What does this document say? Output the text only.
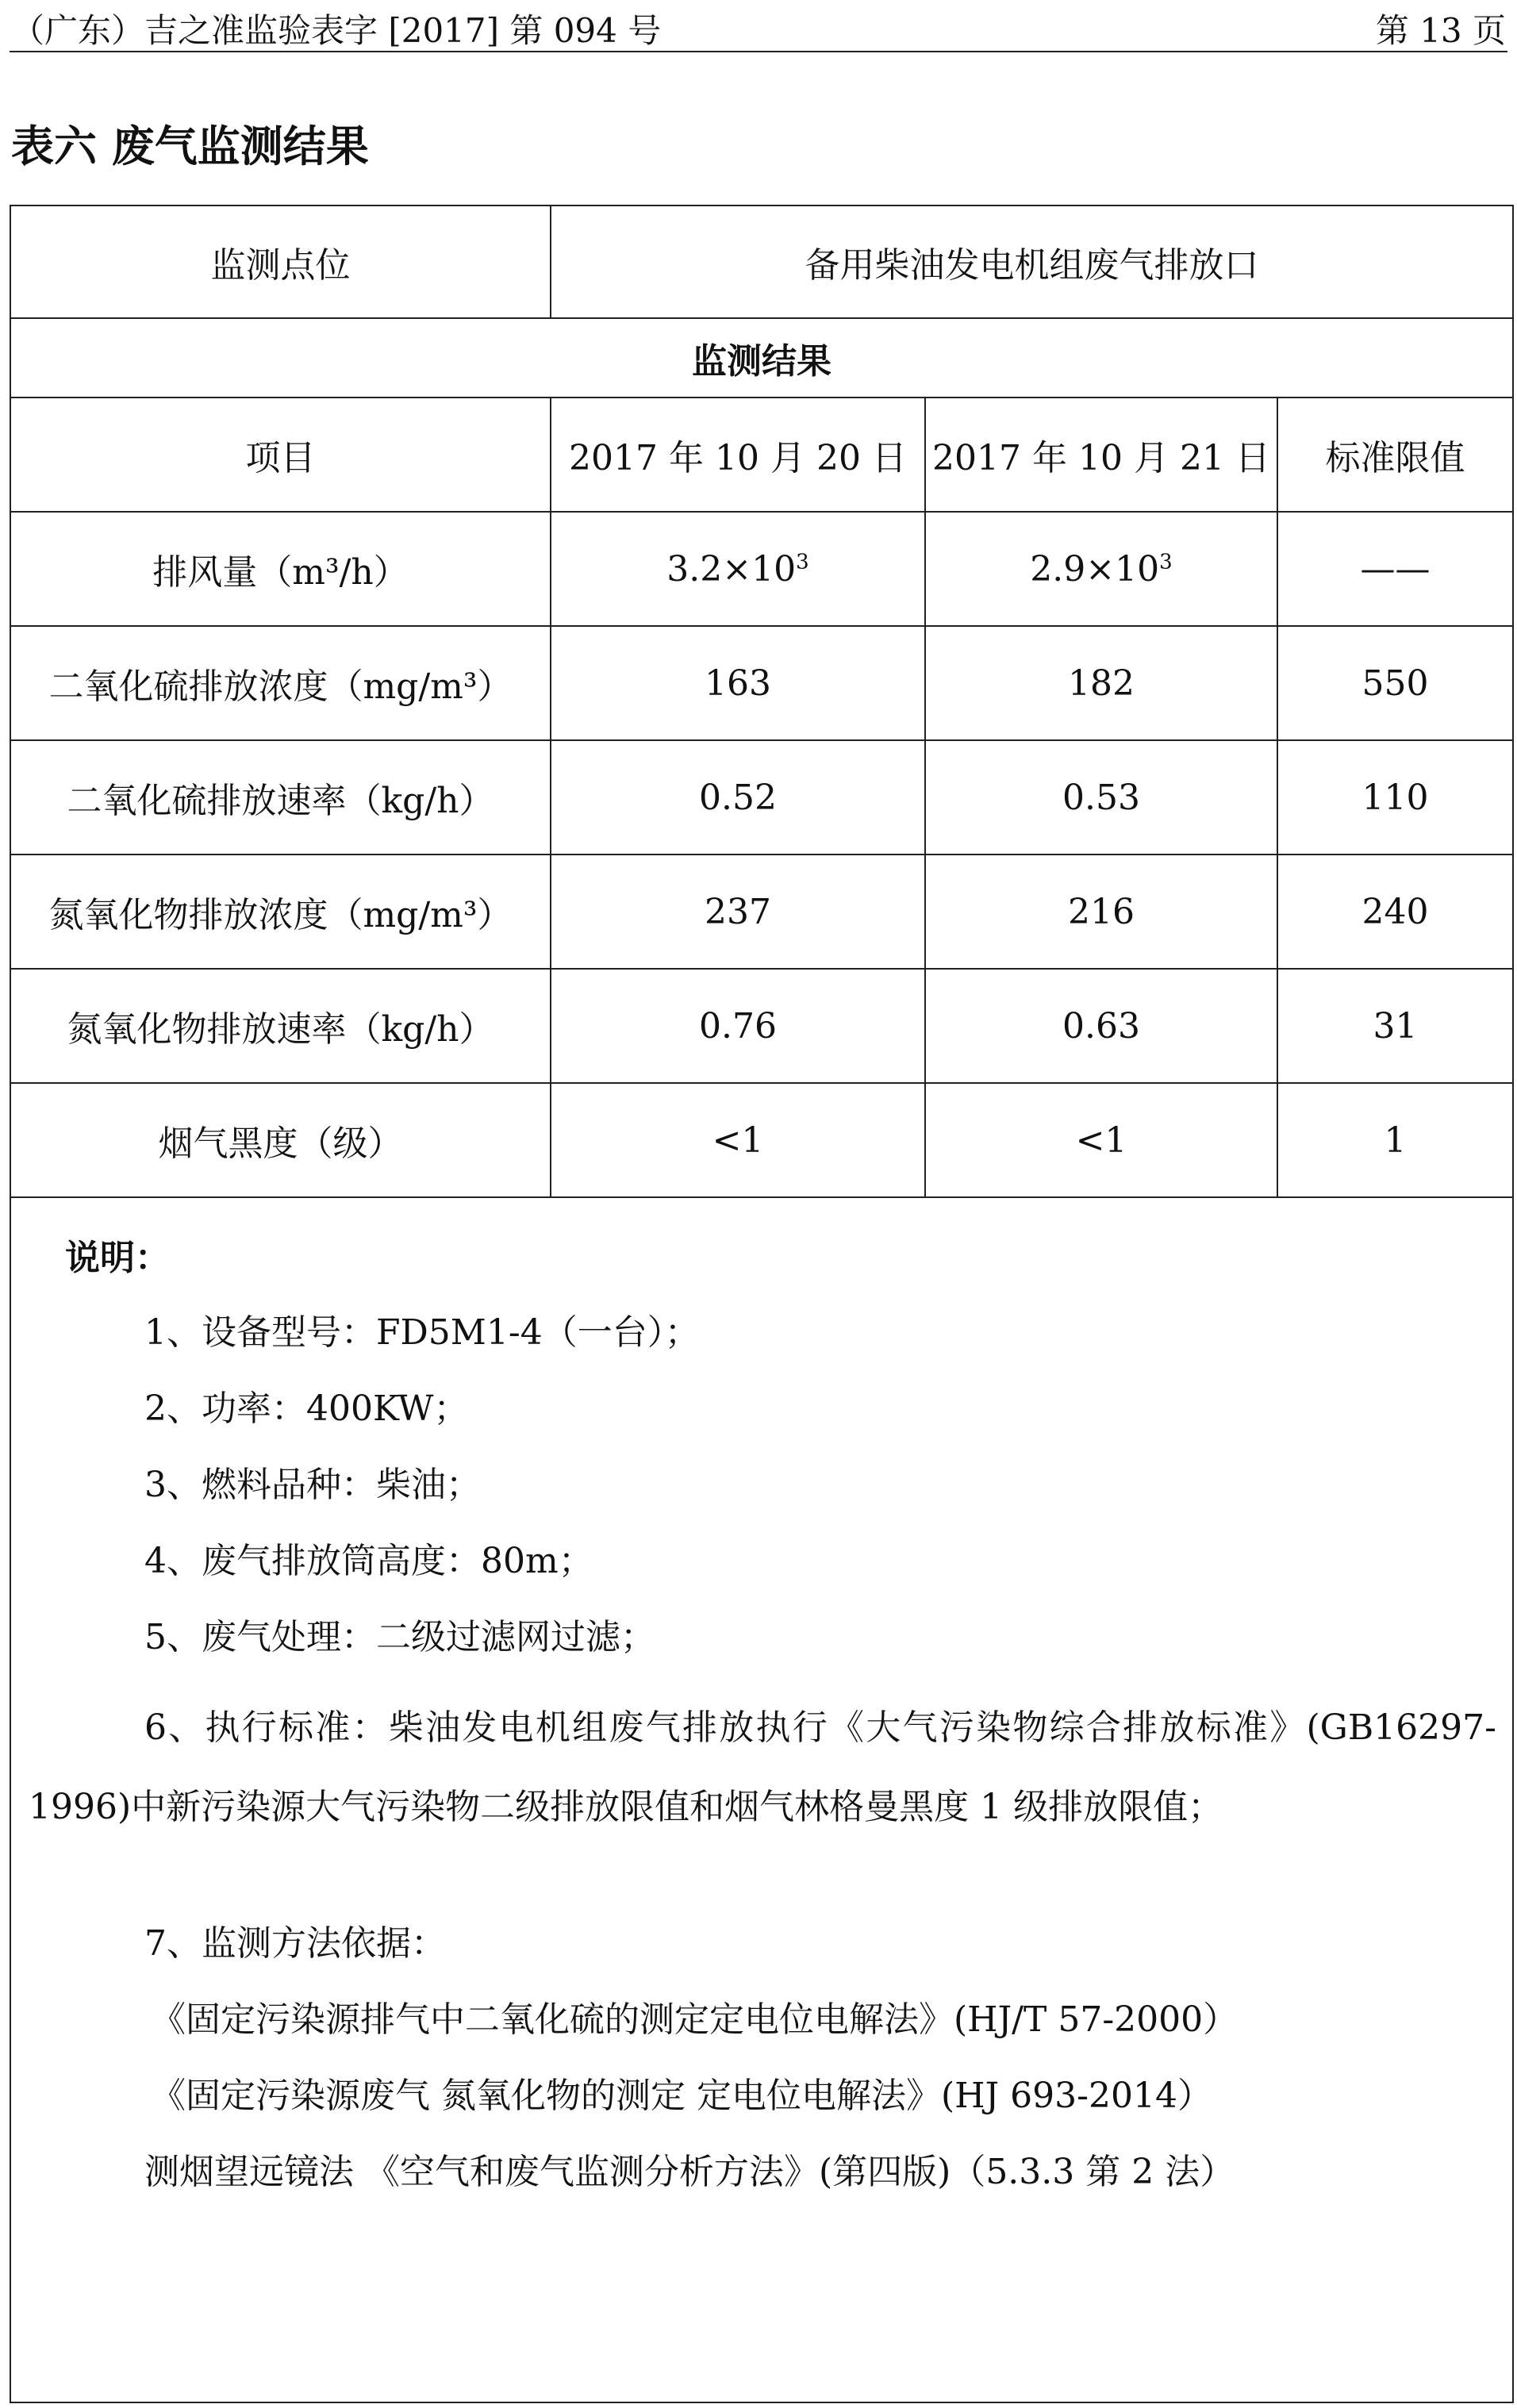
（广东）吉之准监验表字 [2017] 第 094 号	第 13 页
表六 废气监测结果
监测点位	备用柴油发电机组废气排放口		
监测结果			
项目	2017 年 10 月 20 日	2017 年 10 月 21 日	标准限值
排风量（m³/h）	$3.2\times 10^3$	$2.9\times 10^3$	——
二氧化硫排放浓度（mg/m³）	163	182	550
二氧化硫排放速率（kg/h）	0.52	0.53	110
氮氧化物排放浓度（mg/m³）	237	216	240
氮氧化物排放速率（kg/h）	0.76	0.63	31
烟气黑度（级）	<1	<1	1
说明：
1、设备型号：FD5M1-4（一台）；
2、功率：400KW；
3、燃料品种：柴油；
4、废气排放筒高度：80m；
5、废气处理：二级过滤网过滤；
6、执行标准：柴油发电机组废气排放执行《大气污染物综合排放标准》(GB16297-1996)中新污染源大气污染物二级排放限值和烟气林格曼黑度 1 级排放限值；
7、监测方法依据：
《固定污染源排气中二氧化硫的测定定电位电解法》(HJ/T 57-2000）
《固定污染源废气 氮氧化物的测定 定电位电解法》(HJ 693-2014）
测烟望远镜法 《空气和废气监测分析方法》(第四版)（5.3.3 第 2 法）
